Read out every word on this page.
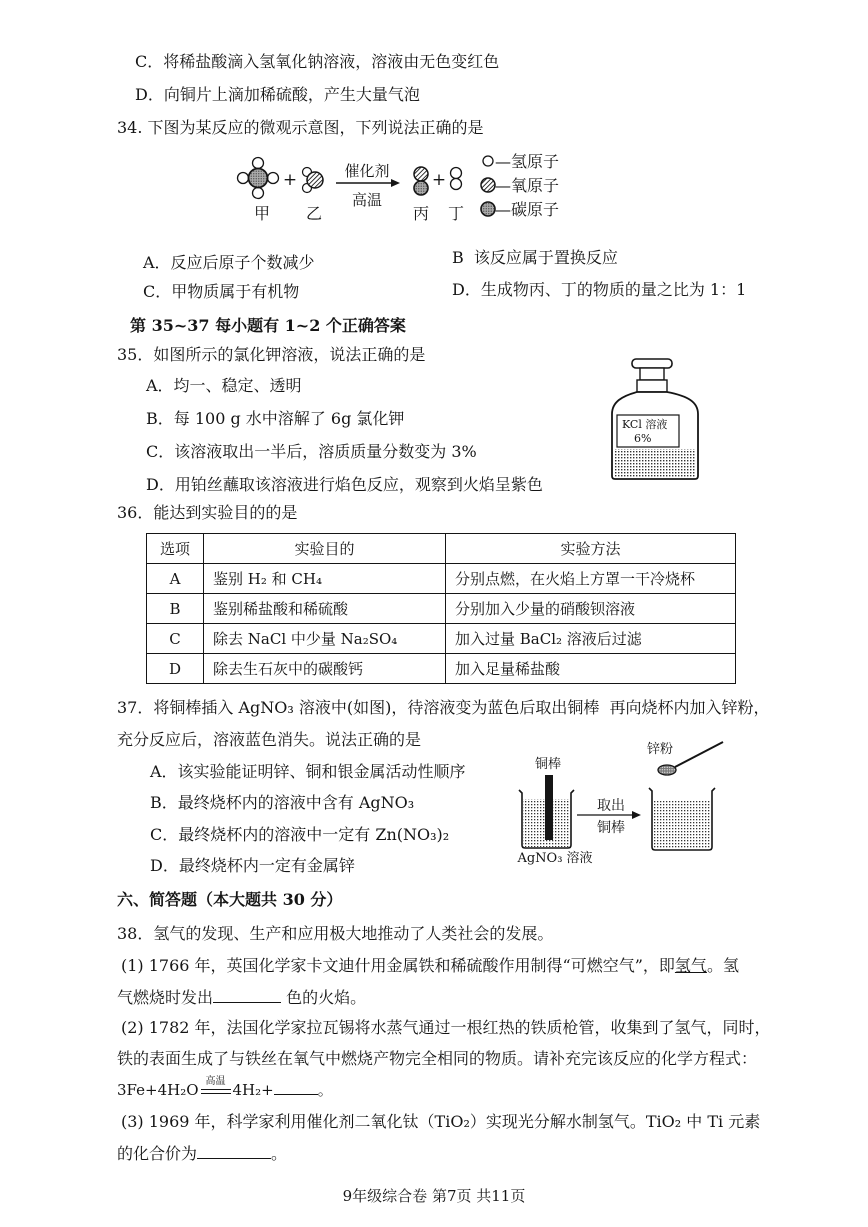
C．将稀盐酸滴入氢氧化钠溶液，溶液由无色变红色
D．向铜片上滴加稀硫酸，产生大量气泡
34. 下图为某反应的微观示意图，下列说法正确的是
+	催化剂
高温
+
—氢原子
—氧原子
—碳原子
甲 乙	丙 丁
A．反应后原子个数减少	B  该反应属于置换反应
C．甲物质属于有机物	D．生成物丙、丁的物质的量之比为 1：1
第 35~37 每小题有 1~2 个正确答案
35．如图所示的氯化钾溶液，说法正确的是
A．均一、稳定、透明
B．每 100 g 水中溶解了 6g 氯化钾
C．该溶液取出一半后，溶质质量分数变为 3%
D．用铂丝蘸取该溶液进行焰色反应，观察到火焰呈紫色
KCl 溶液
6%
36．能达到实验目的的是
选项	实验目的	实验方法
A	鉴别 H₂ 和 CH₄	分别点燃，在火焰上方罩一干冷烧杯
B	鉴别稀盐酸和稀硫酸	分别加入少量的硝酸钡溶液
C	除去 NaCl 中少量 Na₂SO₄	加入过量 BaCl₂ 溶液后过滤
D	除去生石灰中的碳酸钙	加入足量稀盐酸
37．将铜棒插入 AgNO₃ 溶液中(如图)，待溶液变为蓝色后取出铜棒  再向烧杯内加入锌粉，
充分反应后，溶液蓝色消失。说法正确的是
A．该实验能证明锌、铜和银金属活动性顺序
B．最终烧杯内的溶液中含有 AgNO₃
C．最终烧杯内的溶液中一定有 Zn(NO₃)₂
D．最终烧杯内一定有金属锌
铜棒
AgNO₃ 溶液
取出
铜棒
锌粉
六、简答题（本大题共 30 分）
38．氢气的发现、生产和应用极大地推动了人类社会的发展。
(1) 1766 年，英国化学家卡文迪什用金属铁和稀硫酸作用制得“可燃空气”，即氢气。氢
气燃烧时发出	色的火焰。
(2) 1782 年，法国化学家拉瓦锡将水蒸气通过一根红热的铁质枪管，收集到了氢气，同时，
铁的表面生成了与铁丝在氧气中燃烧产物完全相同的物质。请补充完该反应的化学方程式：
3Fe+4H₂O 高温 4H₂+	。
(3) 1969 年，科学家利用催化剂二氧化钛（TiO₂）实现光分解水制氢气。TiO₂ 中 Ti 元素
的化合价为	。
9年级综合卷 第7页 共11页
